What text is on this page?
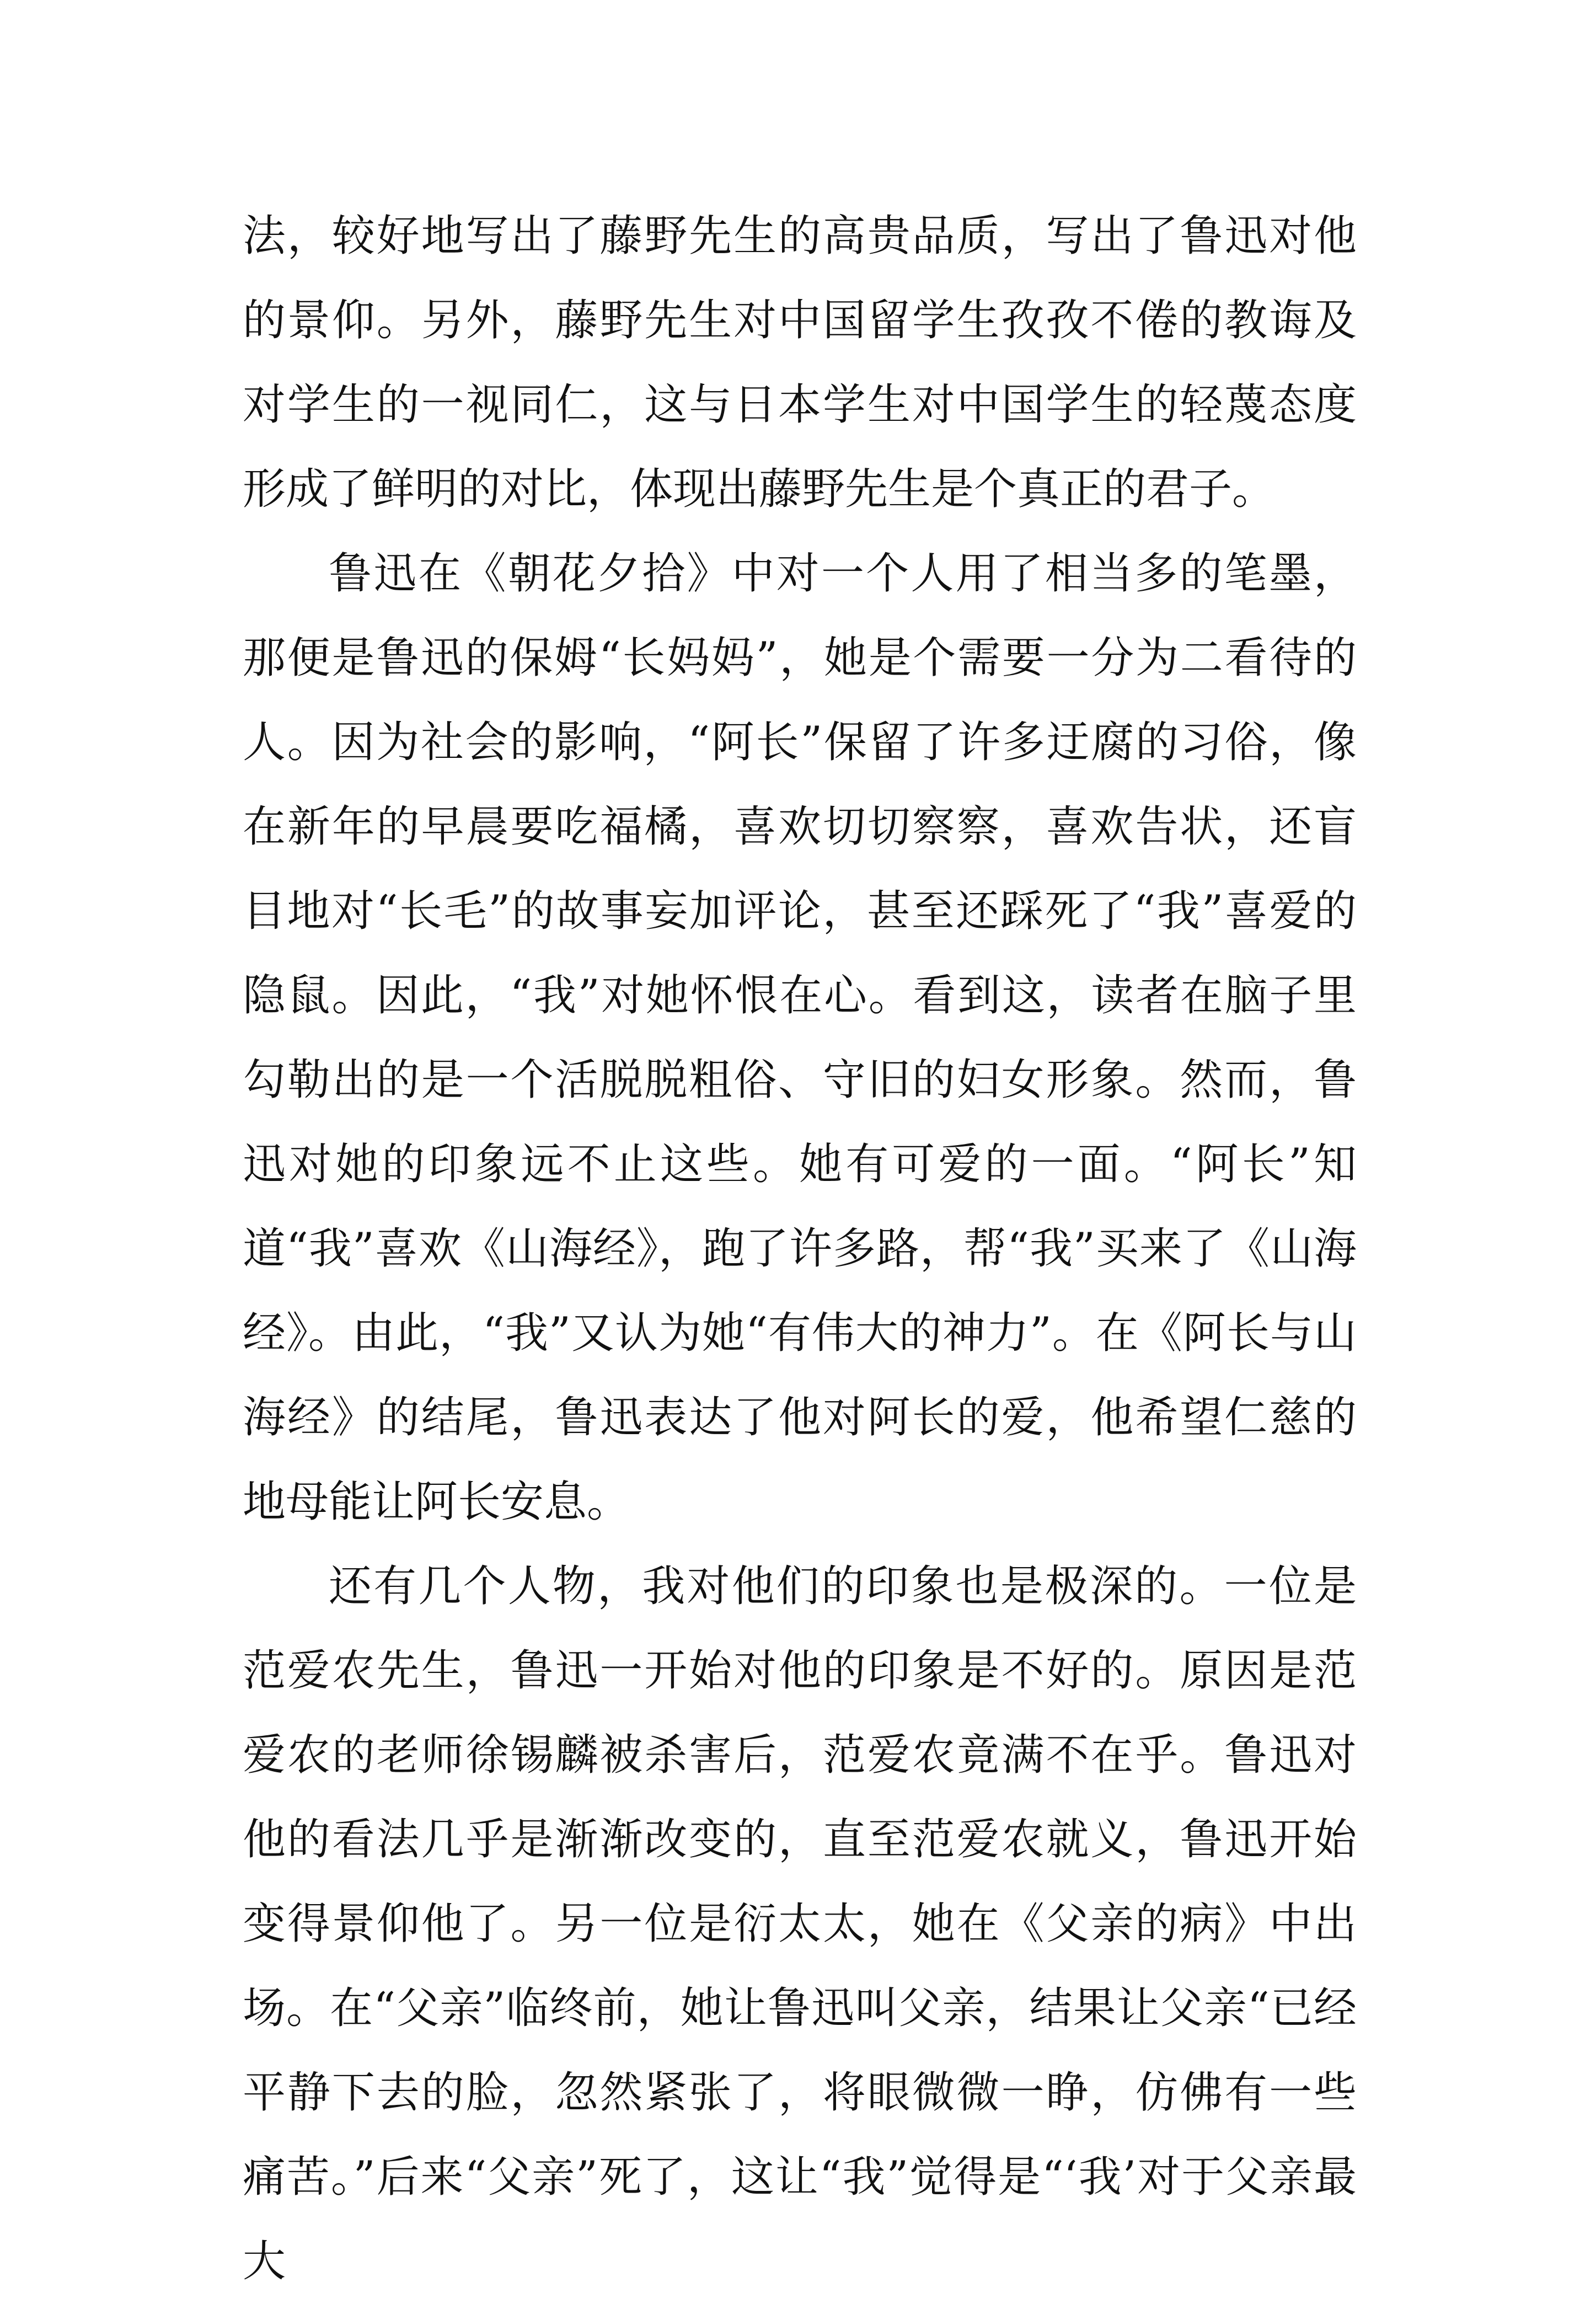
法，较好地写出了藤野先生的高贵品质，写出了鲁迅对他的景仰。另外，藤野先生对中国留学生孜孜不倦的教诲及对学生的一视同仁，这与日本学生对中国学生的轻蔑态度形成了鲜明的对比，体现出藤野先生是个真正的君子。

鲁迅在《朝花夕拾》中对一个人用了相当多的笔墨，那便是鲁迅的保姆“长妈妈”，她是个需要一分为二看待的人。因为社会的影响，“阿长”保留了许多迂腐的习俗，像在新年的早晨要吃福橘，喜欢切切察察，喜欢告状，还盲目地对“长毛”的故事妄加评论，甚至还踩死了“我”喜爱的隐鼠。因此，“我”对她怀恨在心。看到这，读者在脑子里勾勒出的是一个活脱脱粗俗、守旧的妇女形象。然而，鲁迅对她的印象远不止这些。她有可爱的一面。“阿长”知道“我”喜欢《山海经》，跑了许多路，帮“我”买来了《山海经》。由此，“我”又认为她“有伟大的神力”。在《阿长与山海经》的结尾，鲁迅表达了他对阿长的爱，他希望仁慈的地母能让阿长安息。

还有几个人物，我对他们的印象也是极深的。一位是范爱农先生，鲁迅一开始对他的印象是不好的。原因是范爱农的老师徐锡麟被杀害后，范爱农竟满不在乎。鲁迅对他的看法几乎是渐渐改变的，直至范爱农就义，鲁迅开始变得景仰他了。另一位是衍太太，她在《父亲的病》中出场。在“父亲”临终前，她让鲁迅叫父亲，结果让父亲“已经平静下去的脸，忽然紧张了，将眼微微一睁，仿佛有一些痛苦。”后来“父亲”死了，这让“我”觉得是“‘我’对于父亲最大
